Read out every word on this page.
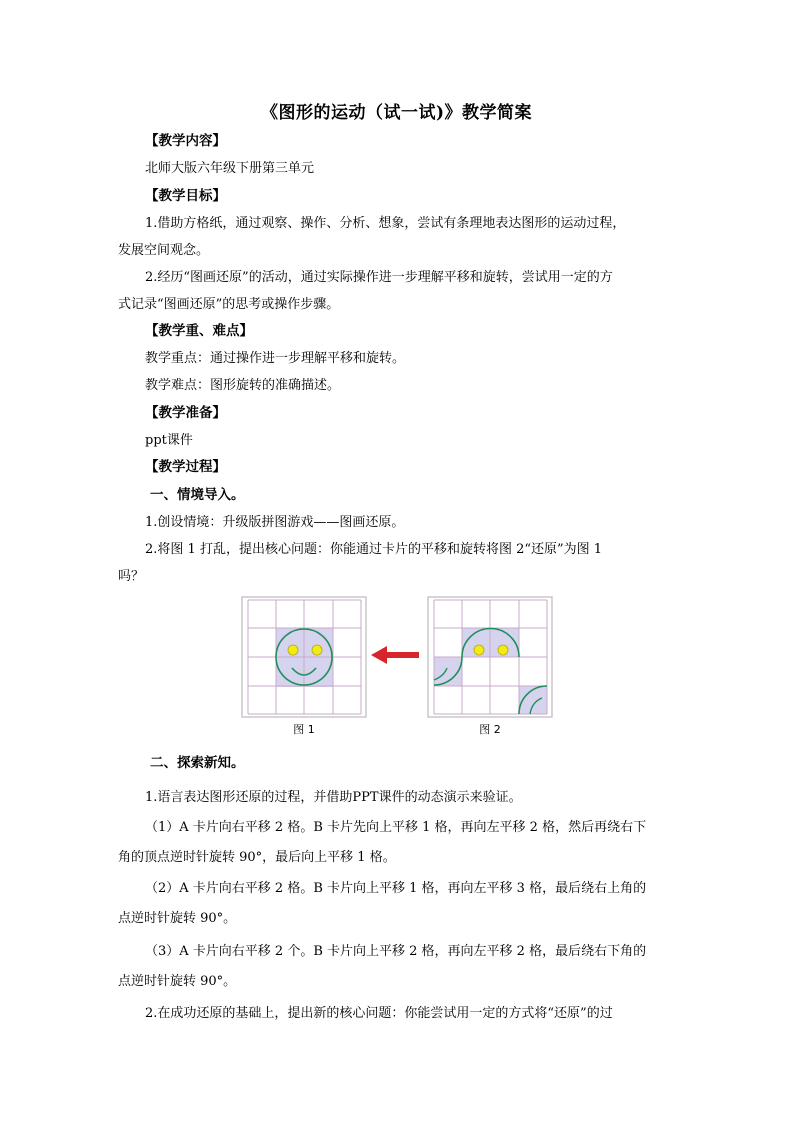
《图形的运动（试一试)》教学简案

【教学内容】

北师大版六年级下册第三单元

【教学目标】

1.借助方格纸，通过观察、操作、分析、想象，尝试有条理地表达图形的运动过程，

发展空间观念。

2.经历“图画还原”的活动，通过实际操作进一步理解平移和旋转，尝试用一定的方

式记录“图画还原”的思考或操作步骤。

【教学重、难点】

教学重点：通过操作进一步理解平移和旋转。

教学难点：图形旋转的准确描述。

【教学准备】

ppt课件

【教学过程】

一、情境导入。

1.创设情境：升级版拼图游戏——图画还原。

2.将图 1 打乱，提出核心问题：你能通过卡片的平移和旋转将图 2“还原”为图 1

吗？

图 1	图 2

二、探索新知。

1.语言表达图形还原的过程，并借助PPT课件的动态演示来验证。

（1）A 卡片向右平移 2 格。B 卡片先向上平移 1 格，再向左平移 2 格，然后再绕右下

角的顶点逆时针旋转 90°，最后向上平移 1 格。

（2）A 卡片向右平移 2 格。B 卡片向上平移 1 格，再向左平移 3 格，最后绕右上角的

点逆时针旋转 90°。

（3）A 卡片向右平移 2 个。B 卡片向上平移 2 格，再向左平移 2 格，最后绕右下角的

点逆时针旋转 90°。

2.在成功还原的基础上，提出新的核心问题：你能尝试用一定的方式将“还原”的过
